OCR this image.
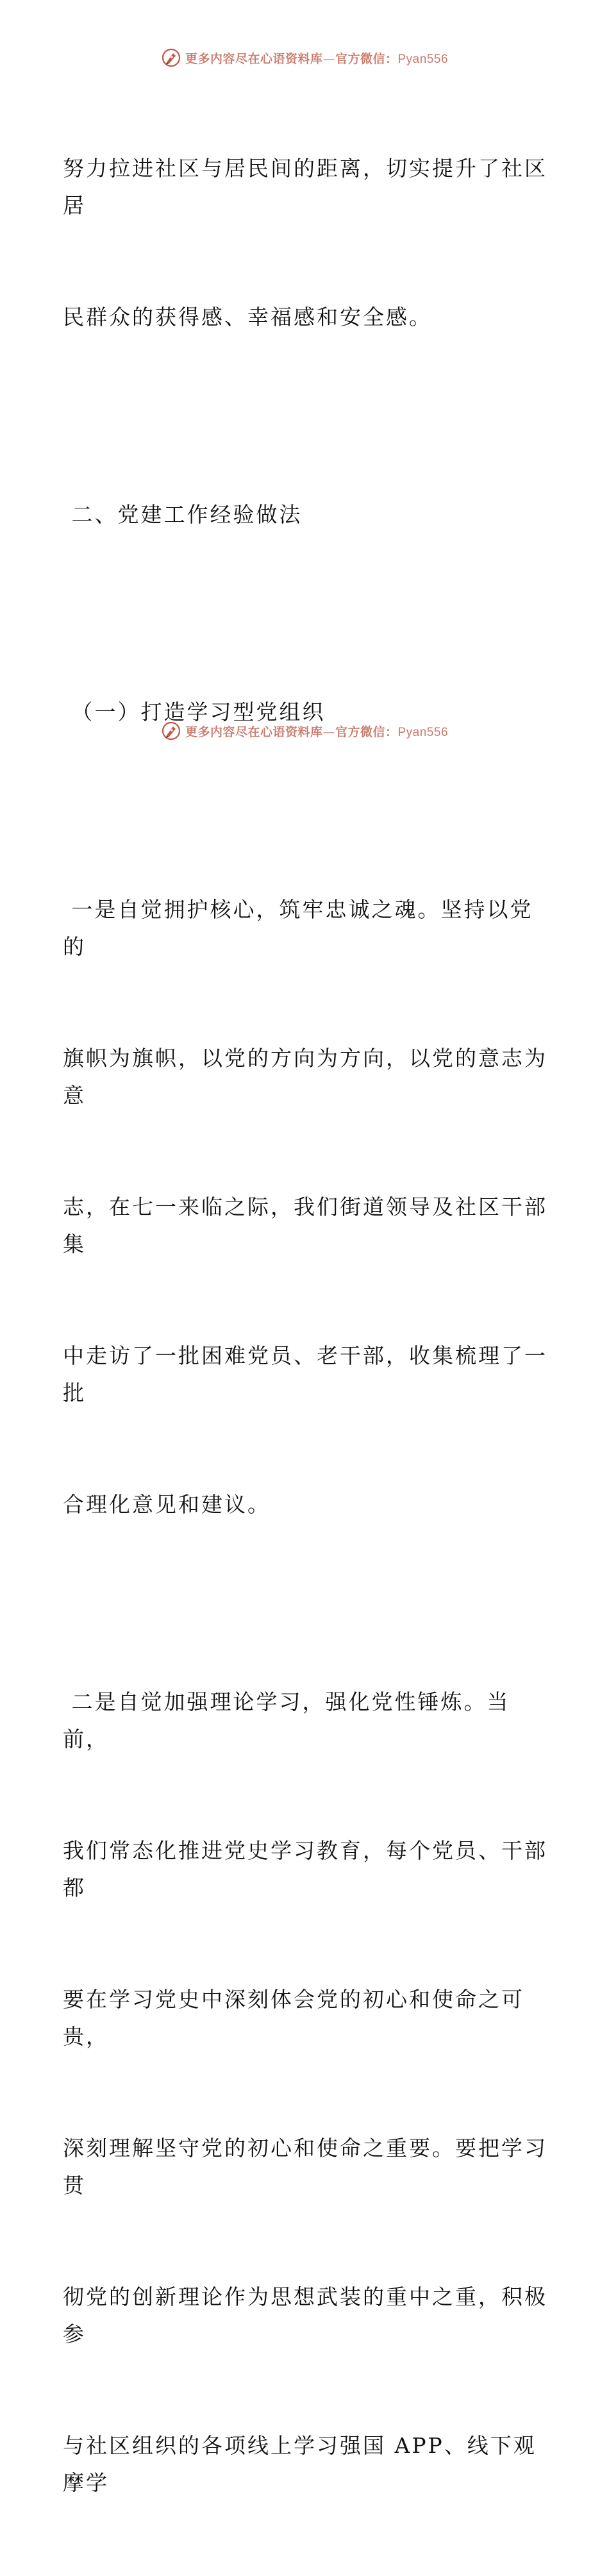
更多内容尽在心语资料库—官方微信：Pyan556

努力拉进社区与居民间的距离，切实提升了社区居

民群众的获得感、幸福感和安全感。

二、党建工作经验做法

（一）打造学习型党组织

一是自觉拥护核心，筑牢忠诚之魂。坚持以党的

旗帜为旗帜，以党的方向为方向，以党的意志为意

志，在七一来临之际，我们街道领导及社区干部集

中走访了一批困难党员、老干部，收集梳理了一批

合理化意见和建议。

二是自觉加强理论学习，强化党性锤炼。当前，

我们常态化推进党史学习教育，每个党员、干部都

要在学习党史中深刻体会党的初心和使命之可贵，

深刻理解坚守党的初心和使命之重要。要把学习贯

彻党的创新理论作为思想武装的重中之重，积极参

与社区组织的各项线上学习强国 APP、线下观摩学

更多内容尽在心语资料库—官方微信：Pyan556
